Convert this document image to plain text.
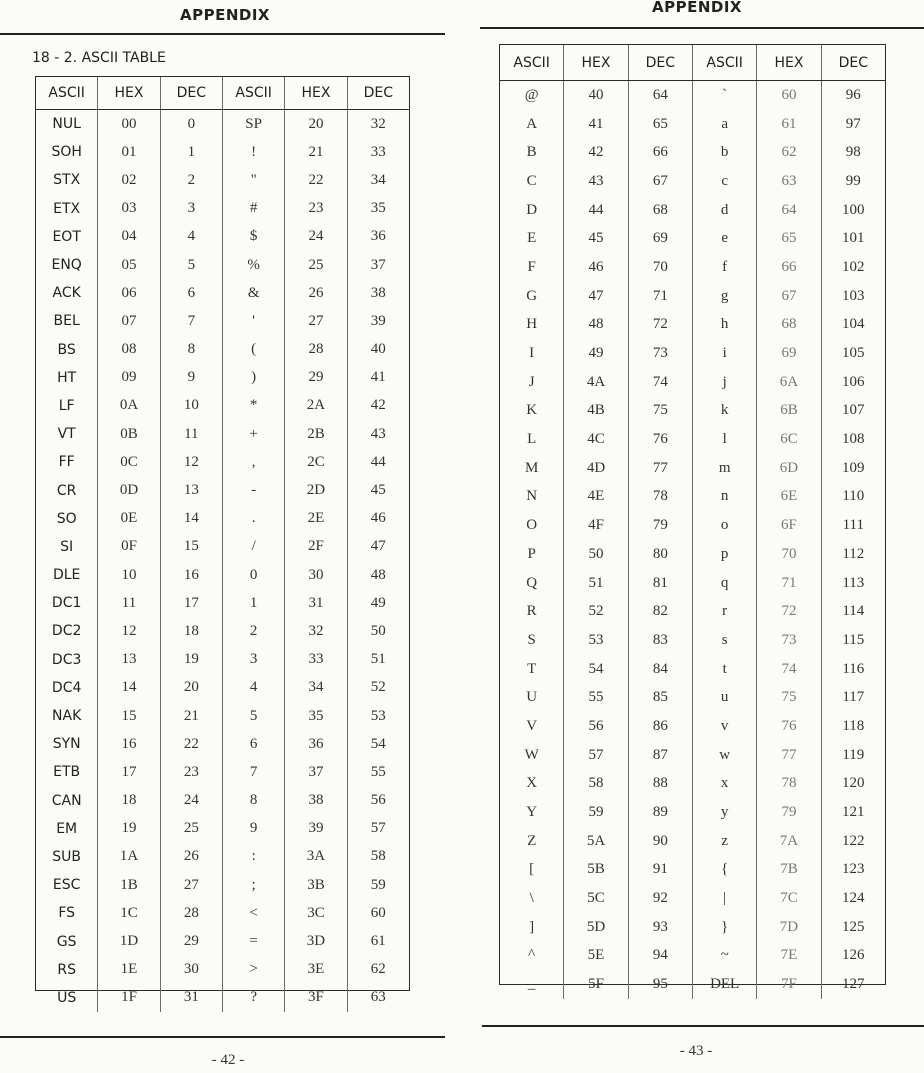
APPENDIX
18 - 2. ASCII TABLE
ASCII	HEX	DEC	ASCII	HEX	DEC
NUL	00	0	SP	20	32
SOH	01	1	!	21	33
STX	02	2	"	22	34
ETX	03	3	#	23	35
EOT	04	4	$	24	36
ENQ	05	5	%	25	37
ACK	06	6	&	26	38
BEL	07	7	'	27	39
BS	08	8	(	28	40
HT	09	9	)	29	41
LF	0A	10	*	2A	42
VT	0B	11	+	2B	43
FF	0C	12	,	2C	44
CR	0D	13	-	2D	45
SO	0E	14	.	2E	46
SI	0F	15	/	2F	47
DLE	10	16	0	30	48
DC1	11	17	1	31	49
DC2	12	18	2	32	50
DC3	13	19	3	33	51
DC4	14	20	4	34	52
NAK	15	21	5	35	53
SYN	16	22	6	36	54
ETB	17	23	7	37	55
CAN	18	24	8	38	56
EM	19	25	9	39	57
SUB	1A	26	:	3A	58
ESC	1B	27	;	3B	59
FS	1C	28	<	3C	60
GS	1D	29	=	3D	61
RS	1E	30	>	3E	62
US	1F	31	?	3F	63
- 42 -
APPENDIX
ASCII	HEX	DEC	ASCII	HEX	DEC
@	40	64	`	60	96
A	41	65	a	61	97
B	42	66	b	62	98
C	43	67	c	63	99
D	44	68	d	64	100
E	45	69	e	65	101
F	46	70	f	66	102
G	47	71	g	67	103
H	48	72	h	68	104
I	49	73	i	69	105
J	4A	74	j	6A	106
K	4B	75	k	6B	107
L	4C	76	l	6C	108
M	4D	77	m	6D	109
N	4E	78	n	6E	110
O	4F	79	o	6F	111
P	50	80	p	70	112
Q	51	81	q	71	113
R	52	82	r	72	114
S	53	83	s	73	115
T	54	84	t	74	116
U	55	85	u	75	117
V	56	86	v	76	118
W	57	87	w	77	119
X	58	88	x	78	120
Y	59	89	y	79	121
Z	5A	90	z	7A	122
[	5B	91	{	7B	123
\	5C	92	|	7C	124
]	5D	93	}	7D	125
^	5E	94	~	7E	126
_	5F	95	DEL	7F	127
- 43 -
